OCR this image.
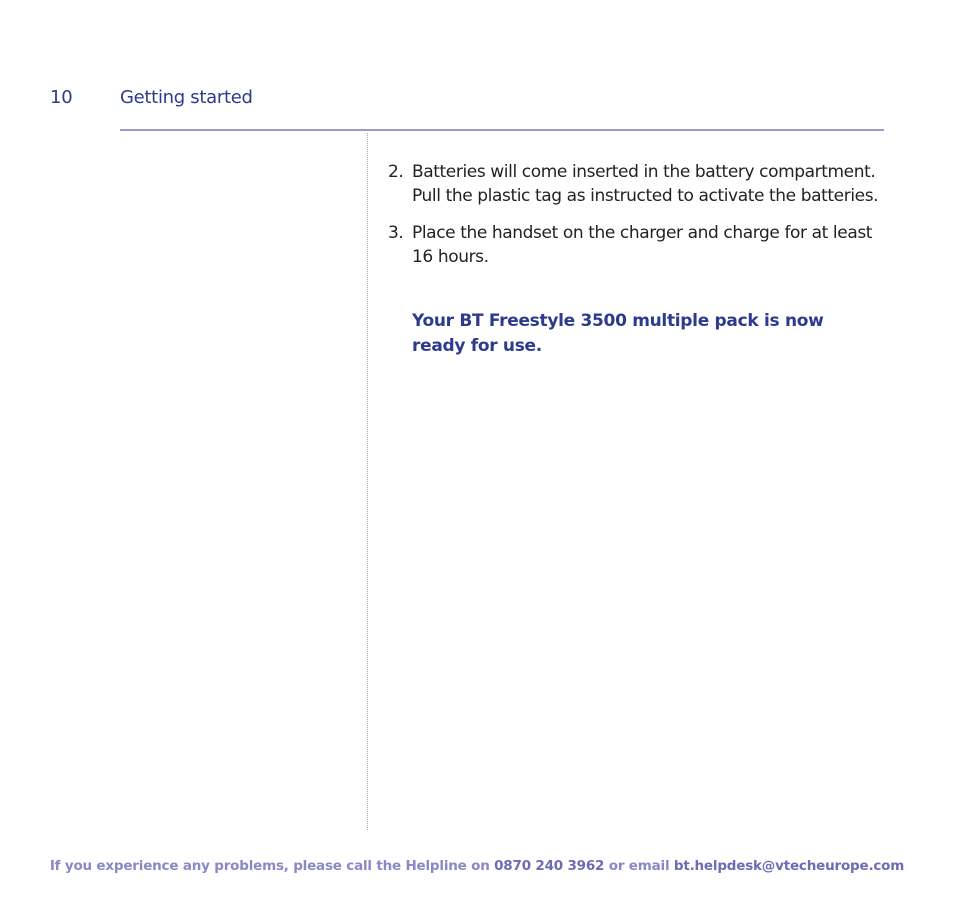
10	Getting started
2. Batteries will come inserted in the battery compartment. Pull the plastic tag as instructed to activate the batteries.
3. Place the handset on the charger and charge for at least 16 hours.
Your BT Freestyle 3500 multiple pack is now ready for use.
If you experience any problems, please call the Helpline on 0870 240 3962 or email bt.helpdesk@vtecheurope.com
